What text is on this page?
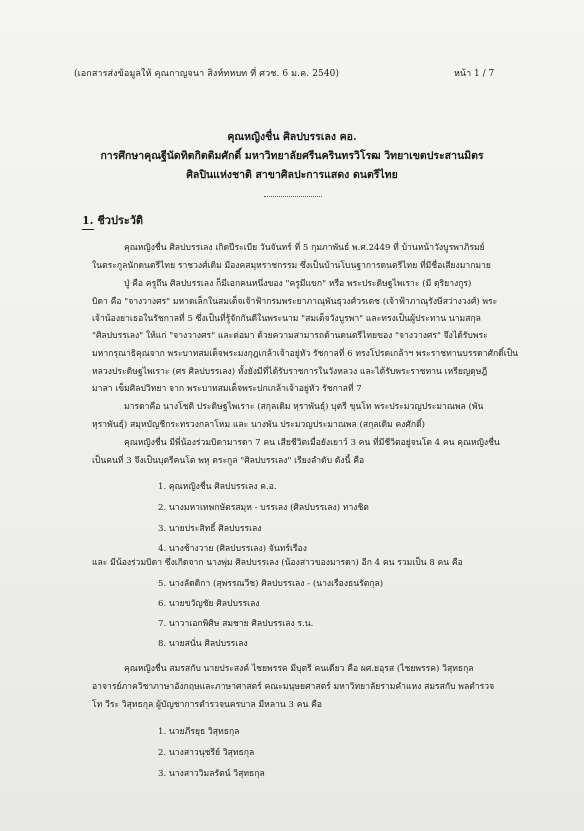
(เอกสารส่งข้อมูลให้ คุณกาญจนา สิงห์ทหบท ที่ ศวช. 6 ม.ค. 2540)	หน้า 1 / 7
คุณหญิงชื่น ศิลปบรรเลง คอ.
การศึกษาคุณฐีนัดทิตกิตติมศักดิ์ มหาวิทยาลัยศรีนครินทรวิโรฒ วิทยาเขตประสานมิตร
ศิลปินแห่งชาติ สาขาศิลปะการแสดง ดนตรีไทย
1. ชีวประวัติ
คุณหญิงชื่น ศิลปบรรเลง เกิดปีระเบีย วันจันทร์ ที่ 5 กุมภาพันธ์ พ.ศ.2449 ที่ บ้านหน้าวังบูรพาภิรมย์
ในตระกูลนักดนตรีไทย ราชวงศ์เดิม มีองคสมุหราชกรรม ซึ่งเป็นบ้านโบนฐาการดนตรีไทย ที่มีชื่อเสียงมากมาย
ปู่ คือ ครูถึน ศิลปบรรเลง ก็มีเอกคนหนึ่งของ "ครูมีแขก" หรือ พระประดิษฐไพเราะ (มี ดุริยางกูร)
บิดา คือ "จางวางศร" มหาดเล็กในสมเด็จเจ้าฟ้ากรมพระยาภาณุพันธุวงศ์วรเดช (เจ้าฟ้าภาณุรังษีสว่างวงศ์) พระ
เจ้าน้องยาเธอในรัชกาลที่ 5 ซึ่งเป็นที่รู้จักกันดีในพระนาม "สมเด็จวังบูรพา" และทรงเป็นผู้ประทาน นามสกุล
"ศิลปบรรเลง" ให้แก่ "จางวางศร" และต่อมา ด้วยความสามารถด้านดนตรีไทยของ "จางวางศร" จึงได้รับพระ
มหากรุณาธิคุณจาก พระบาทสมเด็จพระมงกุฎเกล้าเจ้าอยู่หัว รัชกาลที่ 6 ทรงโปรดเกล้าฯ พระราชทานบรรดาศักดิ์เป็น
หลวงประดิษฐไพเราะ (ศร ศิลปบรรเลง) ทั้งยังมีที่ได้รับราชการในวังหลวง และได้รับพระราชทาน เหรียญดุษฎี
มาลา เข็มศิลปวิทยา จาก พระบาทสมเด็จพระปกเกล้าเจ้าอยู่หัว รัชกาลที่ 7
มารดาคือ นางโชติ ประดิษฐไพเราะ (สกุลเดิม หุราพันธุ์) บุตรี ขุนโท พระประมวญประมาณพล (พัน
หุราพันธุ์) สมุหบัญชีกระทรวงกลาโหม และ นางพัน ประมวญประมาณพล (สกุลเดิม คงศักดิ์)
คุณหญิงชื่น มีพี่น้องร่วมบิดามารดา 7 คน เสียชีวิตเมื่อยังเยาว์ 3 คน ที่มีชีวิตอยู่จนโต 4 คน คุณหญิงชื่น
เป็นคนที่ 3 จึงเป็นบุตรีคนโต พหุ ตระกูล "ศิลปบรรเลง" เรียงลำดับ ดังนี้ คือ
1. คุณหญิงชื่น ศิลปบรรเลง ค.อ.
2. นางมหาเทพกษัตรสมุห - บรรเลง (ศิลปบรรเลง) ทางชิต
3. นายประสิทธิ์ ศิลปบรรเลง
4. นางช้างวาย (ศิลปบรรเลง) จันทร์เรือง
และ มีน้องร่วมบิดา ซึ่งเกิดจาก นางพุ่ม ศิลปบรรเลง (น้องสาวของมารดา) อีก 4 คน รวมเป็น 8 คน คือ
5. นางลัดดิกา (สุพรรณวีช) ศิลปบรรเลง - (นางเรืองธนรัตกุล)
6. นายขวัญชัย ศิลปบรรเลง
7. นาวาเอกพิศิษ สมชาย ศิลปบรรเลง ร.น.
8. นายสนั่น ศิลปบรรเลง
คุณหญิงชื่น สมรสกับ นายประสงค์ ไชยพรรค มีบุตรี คนเดียว คือ ผศ.ยอุรส (ไชยพรรค) วิสุทธกุล
อาจารย์ภาควิชาภาษาอังกฤษและภาษาศาสตร์ คณะมนุษยศาสตร์ มหาวิทยาลัยรามคำแหง สมรสกับ พลตำรวจ
โท วีระ วิสุทธกุล ผู้บัญชาการตำรวจนครบาล มีหลาน 3 คน คือ
1. นายภีรยุธ วิสุทธกุล
2. นางสาวนุชรีย์ วิสุทธกุล
3. นางสาววิมลรัตน์ วิสุทธกุล
